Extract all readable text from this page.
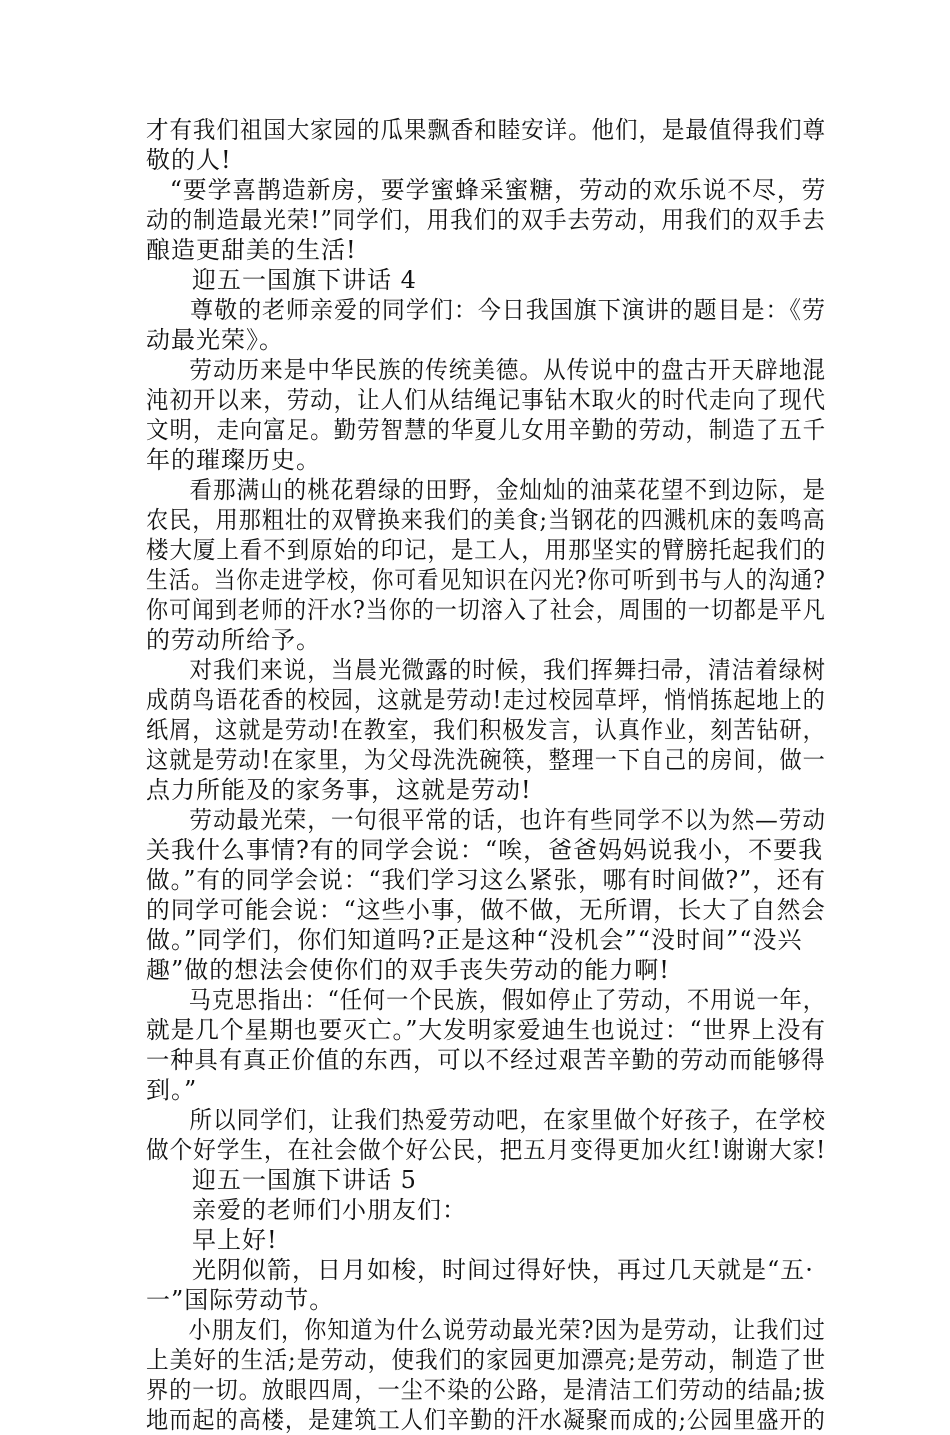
才有我们祖国大家园的瓜果飘香和睦安详。他们，是最值得我们尊
敬的人!
“要学喜鹊造新房，要学蜜蜂采蜜糖，劳动的欢乐说不尽，劳
动的制造最光荣!”同学们，用我们的双手去劳动，用我们的双手去
酿造更甜美的生活!
迎五一国旗下讲话 4
尊敬的老师亲爱的同学们：今日我国旗下演讲的题目是：《劳
动最光荣》。
劳动历来是中华民族的传统美德。从传说中的盘古开天辟地混
沌初开以来，劳动，让人们从结绳记事钻木取火的时代走向了现代
文明，走向富足。勤劳智慧的华夏儿女用辛勤的劳动，制造了五千
年的璀璨历史。
看那满山的桃花碧绿的田野，金灿灿的油菜花望不到边际，是
农民，用那粗壮的双臂换来我们的美食;当钢花的四溅机床的轰鸣高
楼大厦上看不到原始的印记，是工人，用那坚实的臂膀托起我们的
生活。当你走进学校，你可看见知识在闪光?你可听到书与人的沟通?
你可闻到老师的汗水?当你的一切溶入了社会，周围的一切都是平凡
的劳动所给予。
对我们来说，当晨光微露的时候，我们挥舞扫帚，清洁着绿树
成荫鸟语花香的校园，这就是劳动!走过校园草坪，悄悄拣起地上的
纸屑，这就是劳动!在教室，我们积极发言，认真作业，刻苦钻研，
这就是劳动!在家里，为父母洗洗碗筷，整理一下自己的房间，做一
点力所能及的家务事，这就是劳动!
劳动最光荣，一句很平常的话，也许有些同学不以为然—劳动
关我什么事情?有的同学会说：“唉，爸爸妈妈说我小，不要我
做。”有的同学会说：“我们学习这么紧张，哪有时间做?”，还有
的同学可能会说：“这些小事，做不做，无所谓，长大了自然会
做。”同学们，你们知道吗?正是这种“没机会”“没时间”“没兴
趣”做的想法会使你们的双手丧失劳动的能力啊!
马克思指出：“任何一个民族，假如停止了劳动，不用说一年，
就是几个星期也要灭亡。”大发明家爱迪生也说过：“世界上没有
一种具有真正价值的东西，可以不经过艰苦辛勤的劳动而能够得
到。”
所以同学们，让我们热爱劳动吧，在家里做个好孩子，在学校
做个好学生，在社会做个好公民，把五月变得更加火红!谢谢大家!
迎五一国旗下讲话 5
亲爱的老师们小朋友们：
早上好!
光阴似箭，日月如梭，时间过得好快，再过几天就是“五·
一”国际劳动节。
小朋友们，你知道为什么说劳动最光荣?因为是劳动，让我们过
上美好的生活;是劳动，使我们的家园更加漂亮;是劳动，制造了世
界的一切。放眼四周，一尘不染的公路，是清洁工们劳动的结晶;拔
地而起的高楼，是建筑工人们辛勤的汗水凝聚而成的;公园里盛开的
